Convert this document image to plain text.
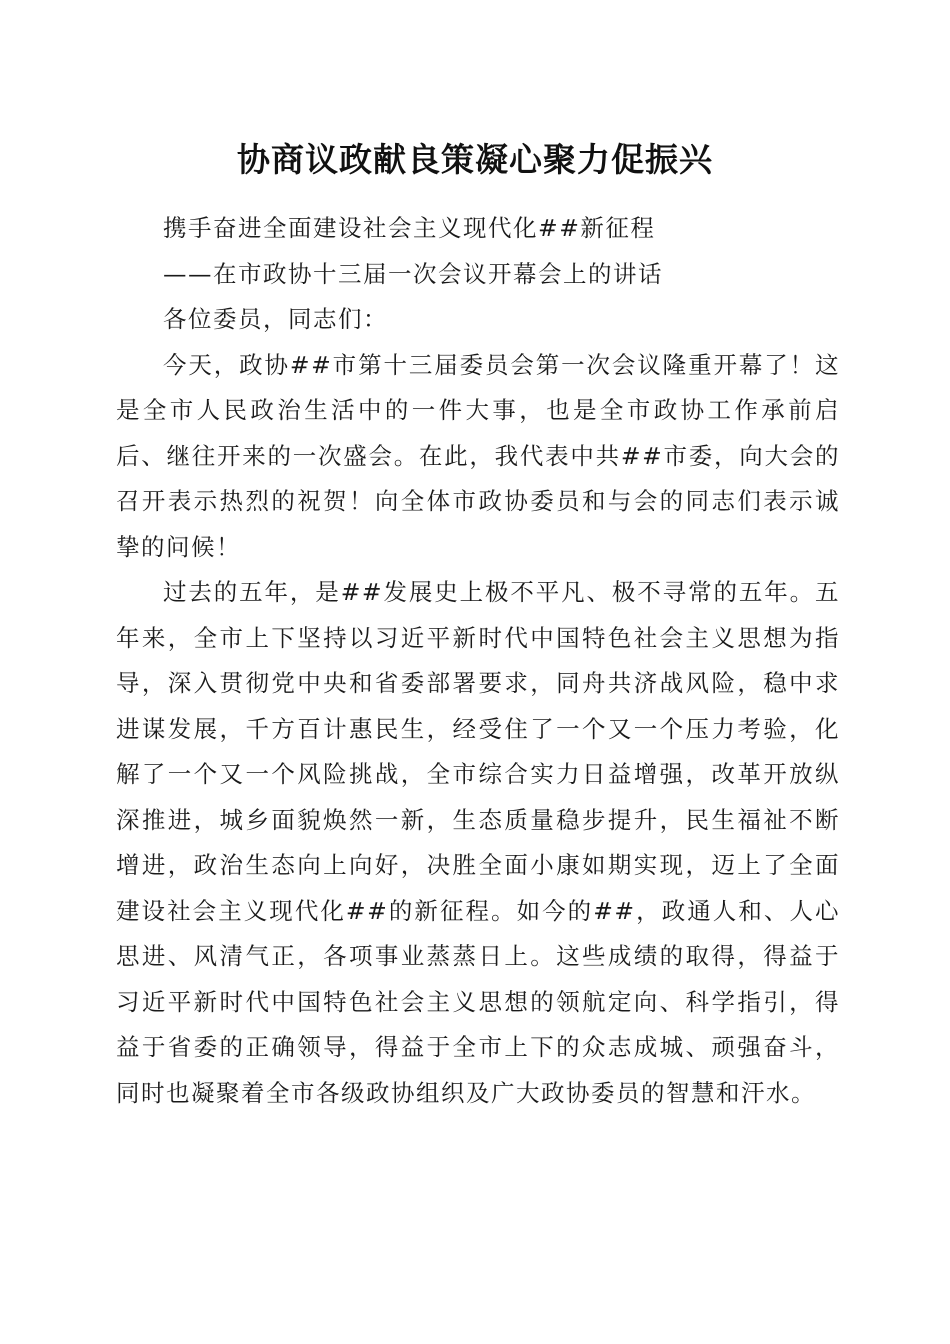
协商议政献良策凝心聚力促振兴

携手奋进全面建设社会主义现代化##新征程

——在市政协十三届一次会议开幕会上的讲话

各位委员，同志们：

今天，政协##市第十三届委员会第一次会议隆重开幕了！这是全市人民政治生活中的一件大事，也是全市政协工作承前启后、继往开来的一次盛会。在此，我代表中共##市委，向大会的召开表示热烈的祝贺！向全体市政协委员和与会的同志们表示诚挚的问候！

过去的五年，是##发展史上极不平凡、极不寻常的五年。五年来，全市上下坚持以习近平新时代中国特色社会主义思想为指导，深入贯彻党中央和省委部署要求，同舟共济战风险，稳中求进谋发展，千方百计惠民生，经受住了一个又一个压力考验，化解了一个又一个风险挑战，全市综合实力日益增强，改革开放纵深推进，城乡面貌焕然一新，生态质量稳步提升，民生福祉不断增进，政治生态向上向好，决胜全面小康如期实现，迈上了全面建设社会主义现代化##的新征程。如今的##，政通人和、人心思进、风清气正，各项事业蒸蒸日上。这些成绩的取得，得益于习近平新时代中国特色社会主义思想的领航定向、科学指引，得益于省委的正确领导，得益于全市上下的众志成城、顽强奋斗，同时也凝聚着全市各级政协组织及广大政协委员的智慧和汗水。
